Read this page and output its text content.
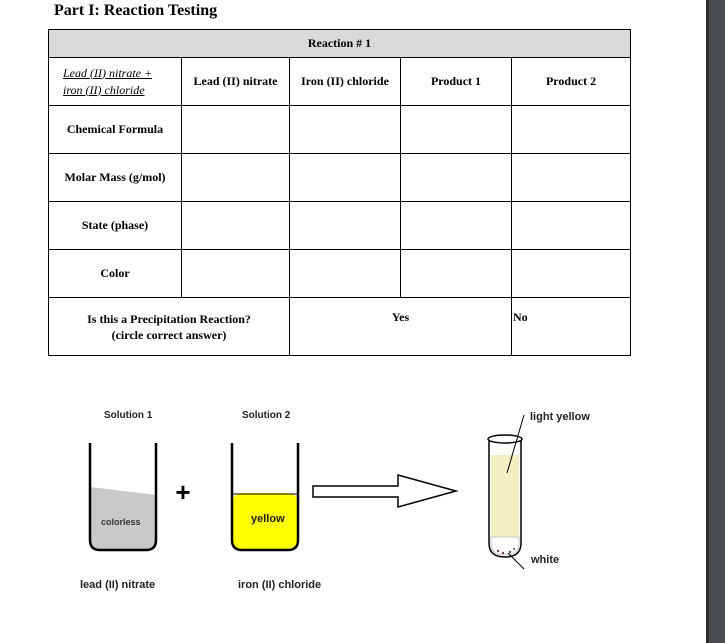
Part I: Reaction Testing
Reaction # 1				
Lead (II) nitrate +
iron (II) chloride	Lead (II) nitrate	Iron (II) chloride	Product 1	Product 2
Chemical Formula				
Molar Mass (g/mol)				
State (phase)				
Color				
Is this a Precipitation Reaction?
(circle correct answer)		Yes		No
+
Solution 1	Solution 2
colorless	yellow
lead (II) nitrate	iron (II) chloride
light yellow
white
